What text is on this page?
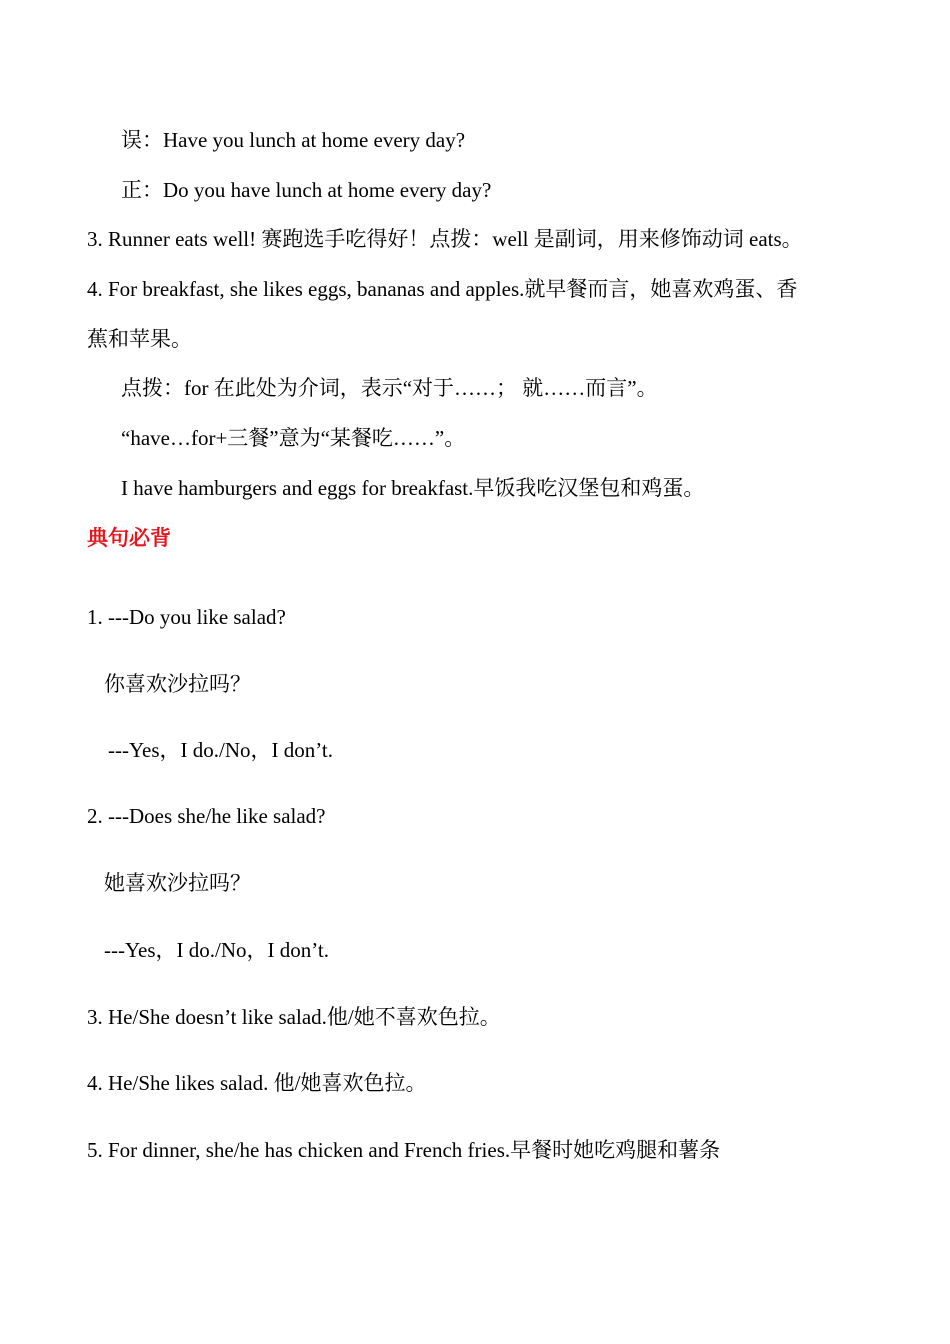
误：Have you lunch at home every day?
正：Do you have lunch at home every day?
3. Runner eats well! 赛跑选手吃得好！点拨：well 是副词，用来修饰动词 eats。
4. For breakfast, she likes eggs, bananas and apples.就早餐而言，她喜欢鸡蛋、香
蕉和苹果。
点拨：for 在此处为介词，表示“对于……； 就……而言”。
“have…for+三餐”意为“某餐吃……”。
I have hamburgers and eggs for breakfast.早饭我吃汉堡包和鸡蛋。
典句必背
1. ---Do you like salad?
你喜欢沙拉吗？
---Yes，I do./No，I don’t.
2. ---Does she/he like salad?
她喜欢沙拉吗？
---Yes，I do./No，I don’t.
3. He/She doesn’t like salad.他/她不喜欢色拉。
4. He/She likes salad. 他/她喜欢色拉。
5. For dinner, she/he has chicken and French fries.早餐时她吃鸡腿和薯条
